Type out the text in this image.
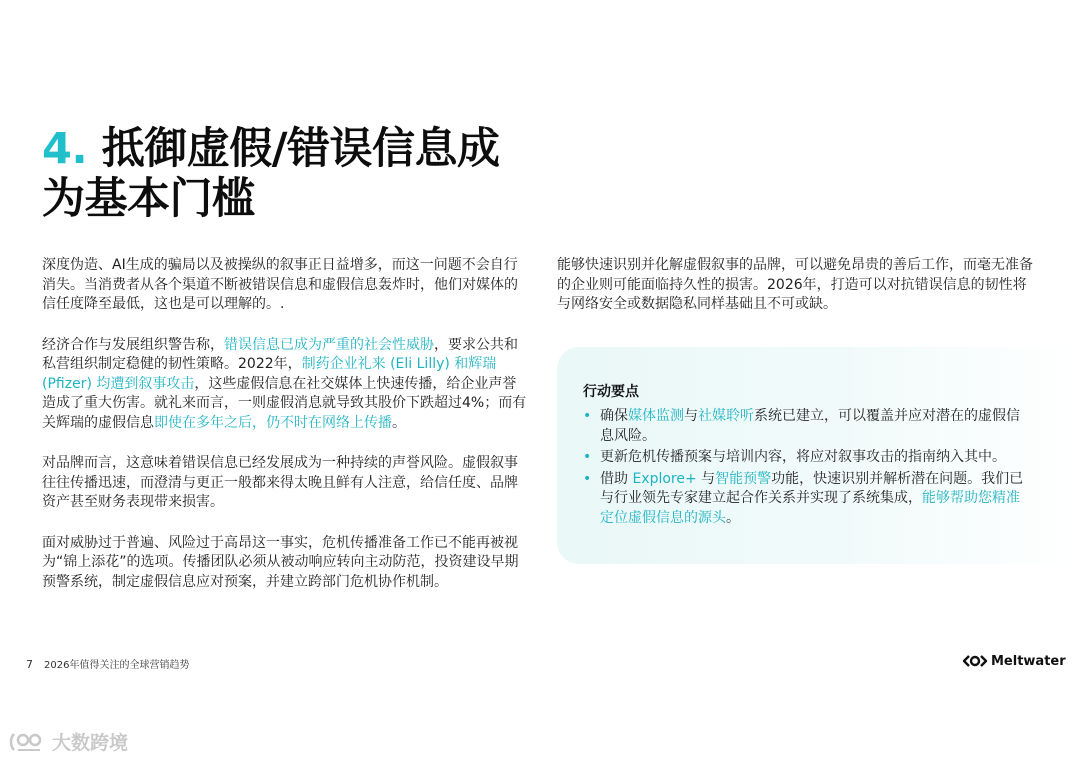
4. 抵御虚假/错误信息成
为基本门槛

深度伪造、AI生成的骗局以及被操纵的叙事正日益增多，而这一问题不会自行消失。当消费者从各个渠道不断被错误信息和虚假信息轰炸时，他们对媒体的信任度降至最低，这也是可以理解的。.

经济合作与发展组织警告称，错误信息已成为严重的社会性威胁，要求公共和私营组织制定稳健的韧性策略。2022年，制药企业礼来 (Eli Lilly) 和辉瑞 (Pfizer) 均遭到叙事攻击，这些虚假信息在社交媒体上快速传播，给企业声誉造成了重大伤害。就礼来而言，一则虚假消息就导致其股价下跌超过4%；而有关辉瑞的虚假信息即使在多年之后，仍不时在网络上传播。

对品牌而言，这意味着错误信息已经发展成为一种持续的声誉风险。虚假叙事往往传播迅速，而澄清与更正一般都来得太晚且鲜有人注意，给信任度、品牌资产甚至财务表现带来损害。

面对威胁过于普遍、风险过于高昂这一事实，危机传播准备工作已不能再被视为“锦上添花”的选项。传播团队必须从被动响应转向主动防范，投资建设早期预警系统，制定虚假信息应对预案，并建立跨部门危机协作机制。

能够快速识别并化解虚假叙事的品牌，可以避免昂贵的善后工作，而毫无准备的企业则可能面临持久性的损害。2026年，打造可以对抗错误信息的韧性将与网络安全或数据隐私同样基础且不可或缺。

行动要点
• 确保媒体监测与社媒聆听系统已建立，可以覆盖并应对潜在的虚假信息风险。
• 更新危机传播预案与培训内容，将应对叙事攻击的指南纳入其中。
• 借助 Explore+ 与智能预警功能，快速识别并解析潜在问题。我们已与行业领先专家建立起合作关系并实现了系统集成，能够帮助您精准定位虚假信息的源头。
7 2026年值得关注的全球营销趋势	Meltwater
大数跨境
